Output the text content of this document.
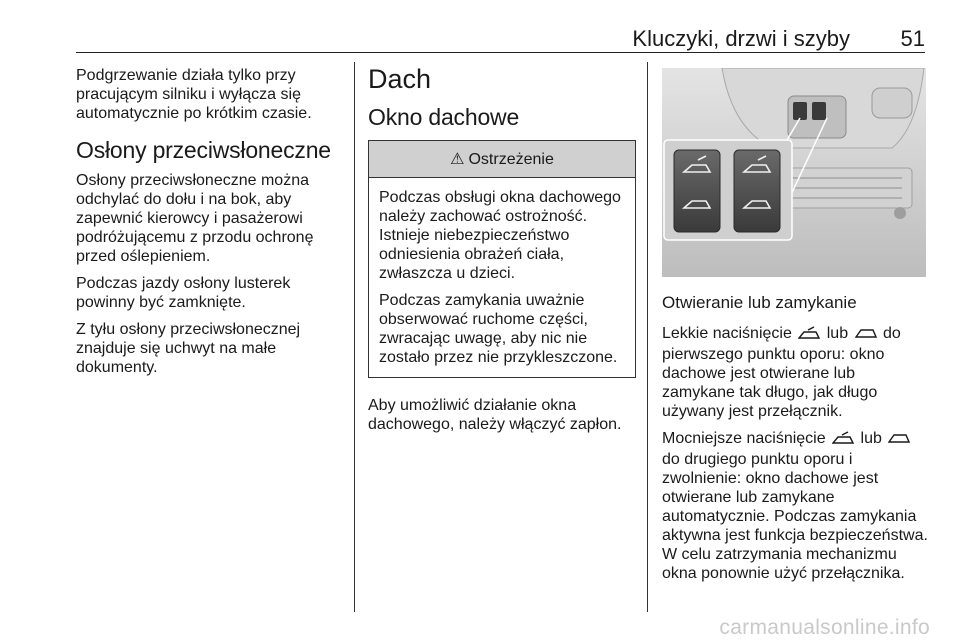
Kluczyki, drzwi i szyby	51

Podgrzewanie działa tylko przy
pracującym silniku i wyłącza się
automatycznie po krótkim czasie.

Osłony przeciwsłoneczne

Osłony przeciwsłoneczne można
odchylać do dołu i na bok, aby
zapewnić kierowcy i pasażerowi
podróżującemu z przodu ochronę
przed oślepieniem.

Podczas jazdy osłony lusterek
powinny być zamknięte.

Z tyłu osłony przeciwsłonecznej
znajduje się uchwyt na małe
dokumenty.

Dach
Okno dachowe
⚠ Ostrzeżenie

Podczas obsługi okna dachowego
należy zachować ostrożność.
Istnieje niebezpieczeństwo
odniesienia obrażeń ciała,
zwłaszcza u dzieci.

Podczas zamykania uważnie
obserwować ruchome części,
zwracając uwagę, aby nic nie
zostało przez nie przykleszczone.

Aby umożliwić działanie okna
dachowego, należy włączyć zapłon.

Otwieranie lub zamykanie

Lekkie naciśnięcie  lub  do
pierwszego punktu oporu: okno
dachowe jest otwierane lub
zamykane tak długo, jak długo
używany jest przełącznik.

Mocniejsze naciśnięcie  lub
do drugiego punktu oporu i
zwolnienie: okno dachowe jest
otwierane lub zamykane
automatycznie. Podczas zamykania
aktywna jest funkcja bezpieczeństwa.
W celu zatrzymania mechanizmu
okna ponownie użyć przełącznika.

carmanualsonline.info
